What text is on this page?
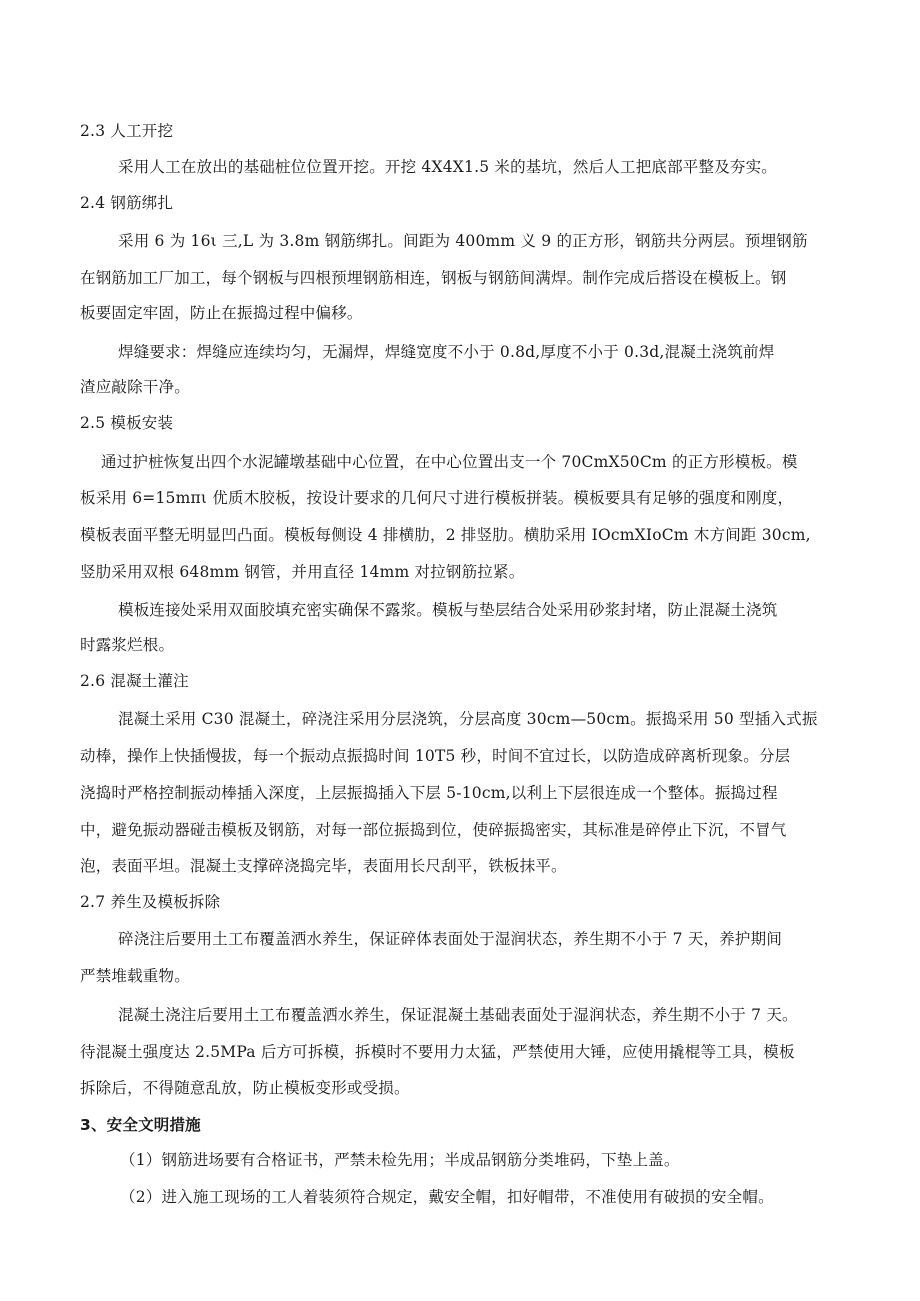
2.3 人工开挖
采用人工在放出的基础桩位位置开挖。开挖 4X4X1.5 米的基坑，然后人工把底部平整及夯实。
2.4 钢筋绑扎
采用 6 为 16ι 三,L 为 3.8m 钢筋绑扎。间距为 400mm 义 9 的正方形，钢筋共分两层。预埋钢筋
在钢筋加工厂加工，每个钢板与四根预埋钢筋相连，钢板与钢筋间满焊。制作完成后搭设在模板上。钢
板要固定牢固，防止在振捣过程中偏移。
焊缝要求：焊缝应连续均匀，无漏焊，焊缝宽度不小于 0.8d,厚度不小于 0.3d,混凝土浇筑前焊
渣应敲除干净。
2.5 模板安装
通过护桩恢复出四个水泥罐墩基础中心位置，在中心位置出支一个 70CmX50Cm 的正方形模板。模
板采用 6=15mπι 优质木胶板，按设计要求的几何尺寸进行模板拼装。模板要具有足够的强度和刚度，
模板表面平整无明显凹凸面。模板每侧设 4 排横肋，2 排竖肋。横肋采用 IOcmXIoCm 木方间距 30cm,
竖肋采用双根 648mm 钢管，并用直径 14mm 对拉钢筋拉紧。
模板连接处采用双面胶填充密实确保不露浆。模板与垫层结合处采用砂浆封堵，防止混凝土浇筑
时露浆烂根。
2.6 混凝土灌注
混凝土采用 C30 混凝土，碎浇注采用分层浇筑，分层高度 30cm—50cm。振捣采用 50 型插入式振
动棒，操作上快插慢拔，每一个振动点振捣时间 10T5 秒，时间不宜过长，以防造成碎离析现象。分层
浇捣时严格控制振动棒插入深度，上层振捣插入下层 5-10cm,以利上下层很连成一个整体。振捣过程
中，避免振动器碰击模板及钢筋，对每一部位振捣到位，使碎振捣密实，其标准是碎停止下沉，不冒气
泡，表面平坦。混凝土支撑碎浇捣完毕，表面用长尺刮平，铁板抹平。
2.7 养生及模板拆除
碎浇注后要用土工布覆盖洒水养生，保证碎体表面处于湿润状态，养生期不小于 7 天，养护期间
严禁堆载重物。
混凝土浇注后要用土工布覆盖洒水养生，保证混凝土基础表面处于湿润状态，养生期不小于 7 天。
待混凝土强度达 2.5MPa 后方可拆模，拆模时不要用力太猛，严禁使用大锤，应使用撬棍等工具，模板
拆除后，不得随意乱放，防止模板变形或受损。
3、安全文明措施
（1）钢筋进场要有合格证书，严禁未检先用；半成品钢筋分类堆码，下垫上盖。
（2）进入施工现场的工人着装须符合规定，戴安全帽，扣好帽带，不准使用有破损的安全帽。
